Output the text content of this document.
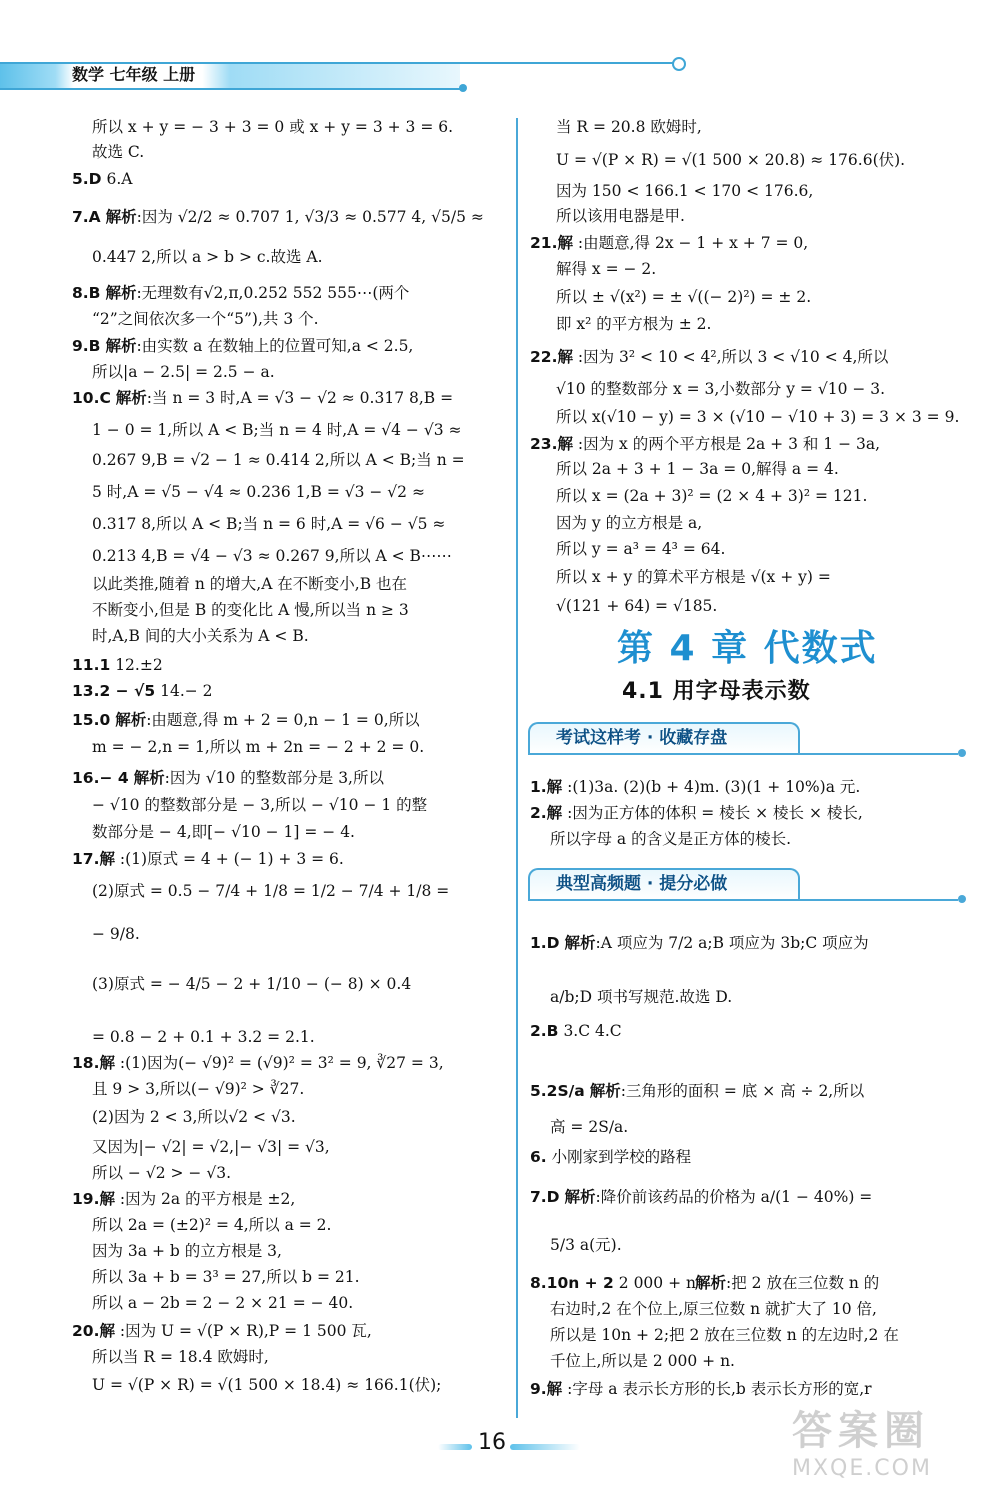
数学 七年级 上册
所以 x + y = − 3 + 3 = 0 或 x + y = 3 + 3 = 6.
故选 C.
5.D 6.A
7.A 解析:因为 √2/2 ≈ 0.707 1, √3/3 ≈ 0.577 4, √5/5 ≈
0.447 2,所以 a > b > c.故选 A.
8.B 解析:无理数有√2,π,0.252 552 555⋯(两个
“2”之间依次多一个“5”),共 3 个.
9.B 解析:由实数 a 在数轴上的位置可知,a < 2.5,
所以|a − 2.5| = 2.5 − a.
10.C 解析:当 n = 3 时,A = √3 − √2 ≈ 0.317 8,B =
1 − 0 = 1,所以 A < B;当 n = 4 时,A = √4 − √3 ≈
0.267 9,B = √2 − 1 ≈ 0.414 2,所以 A < B;当 n =
5 时,A = √5 − √4 ≈ 0.236 1,B = √3 − √2 ≈
0.317 8,所以 A < B;当 n = 6 时,A = √6 − √5 ≈
0.213 4,B = √4 − √3 ≈ 0.267 9,所以 A < B⋯⋯
以此类推,随着 n 的增大,A 在不断变小,B 也在
不断变小,但是 B 的变化比 A 慢,所以当 n ≥ 3
时,A,B 间的大小关系为 A < B.
11.1 12.±2
13.2 − √5 14.− 2
15.0 解析:由题意,得 m + 2 = 0,n − 1 = 0,所以
m = − 2,n = 1,所以 m + 2n = − 2 + 2 = 0.
16.− 4 解析:因为 √10 的整数部分是 3,所以
− √10 的整数部分是 − 3,所以 − √10 − 1 的整
数部分是 − 4,即[− √10 − 1] = − 4.
17.解 :(1)原式 = 4 + (− 1) + 3 = 6.
(2)原式 = 0.5 − 7/4 + 1/8 = 1/2 − 7/4 + 1/8 =
− 9/8.
(3)原式 = − 4/5 − 2 + 1/10 − (− 8) × 0.4
= 0.8 − 2 + 0.1 + 3.2 = 2.1.
18.解 :(1)因为(− √9)² = (√9)² = 3² = 9, ∛27 = 3,
且 9 > 3,所以(− √9)² > ∛27.
(2)因为 2 < 3,所以√2 < √3.
又因为|− √2| = √2,|− √3| = √3,
所以 − √2 > − √3.
19.解 :因为 2a 的平方根是 ±2,
所以 2a = (±2)² = 4,所以 a = 2.
因为 3a + b 的立方根是 3,
所以 3a + b = 3³ = 27,所以 b = 21.
所以 a − 2b = 2 − 2 × 21 = − 40.
20.解 :因为 U = √(P × R),P = 1 500 瓦,
所以当 R = 18.4 欧姆时,
U = √(P × R) = √(1 500 × 18.4) ≈ 166.1(伏);
当 R = 20.8 欧姆时,
U = √(P × R) = √(1 500 × 20.8) ≈ 176.6(伏).
因为 150 < 166.1 < 170 < 176.6,
所以该用电器是甲.
21.解 :由题意,得 2x − 1 + x + 7 = 0,
解得 x = − 2.
所以 ± √(x²) = ± √((− 2)²) = ± 2.
即 x² 的平方根为 ± 2.
22.解 :因为 3² < 10 < 4²,所以 3 < √10 < 4,所以
√10 的整数部分 x = 3,小数部分 y = √10 − 3.
所以 x(√10 − y) = 3 × (√10 − √10 + 3) = 3 × 3 = 9.
23.解 :因为 x 的两个平方根是 2a + 3 和 1 − 3a,
所以 2a + 3 + 1 − 3a = 0,解得 a = 4.
所以 x = (2a + 3)² = (2 × 4 + 3)² = 121.
因为 y 的立方根是 a,
所以 y = a³ = 4³ = 64.
所以 x + y 的算术平方根是 √(x + y) =
√(121 + 64) = √185.
第 4 章 代数式
4.1 用字母表示数
考试这样考 · 收藏存盘
1.解 :(1)3a. (2)(b + 4)m. (3)(1 + 10%)a 元.
2.解 :因为正方体的体积 = 棱长 × 棱长 × 棱长,
所以字母 a 的含义是正方体的棱长.
典型高频题 · 提分必做
1.D 解析:A 项应为 7/2 a;B 项应为 3b;C 项应为
a/b;D 项书写规范.故选 D.
2.B 3.C 4.C
5.2S/a 解析:三角形的面积 = 底 × 高 ÷ 2,所以
高 = 2S/a.
6. 小刚家到学校的路程
7.D 解析:降价前该药品的价格为 a/(1 − 40%) =
5/3 a(元).
8.10n + 2 2 000 + n
右边时,2 在个位上,原三位数 n 就扩大了 10 倍,
所以是 10n + 2;把 2 放在三位数 n 的左边时,2 在
千位上,所以是 2 000 + n.
9.解 :字母 a 表示长方形的长,b 表示长方形的宽,r
解析:把 2 放在三位数 n 的
16	答案圈
MXQE.COM
